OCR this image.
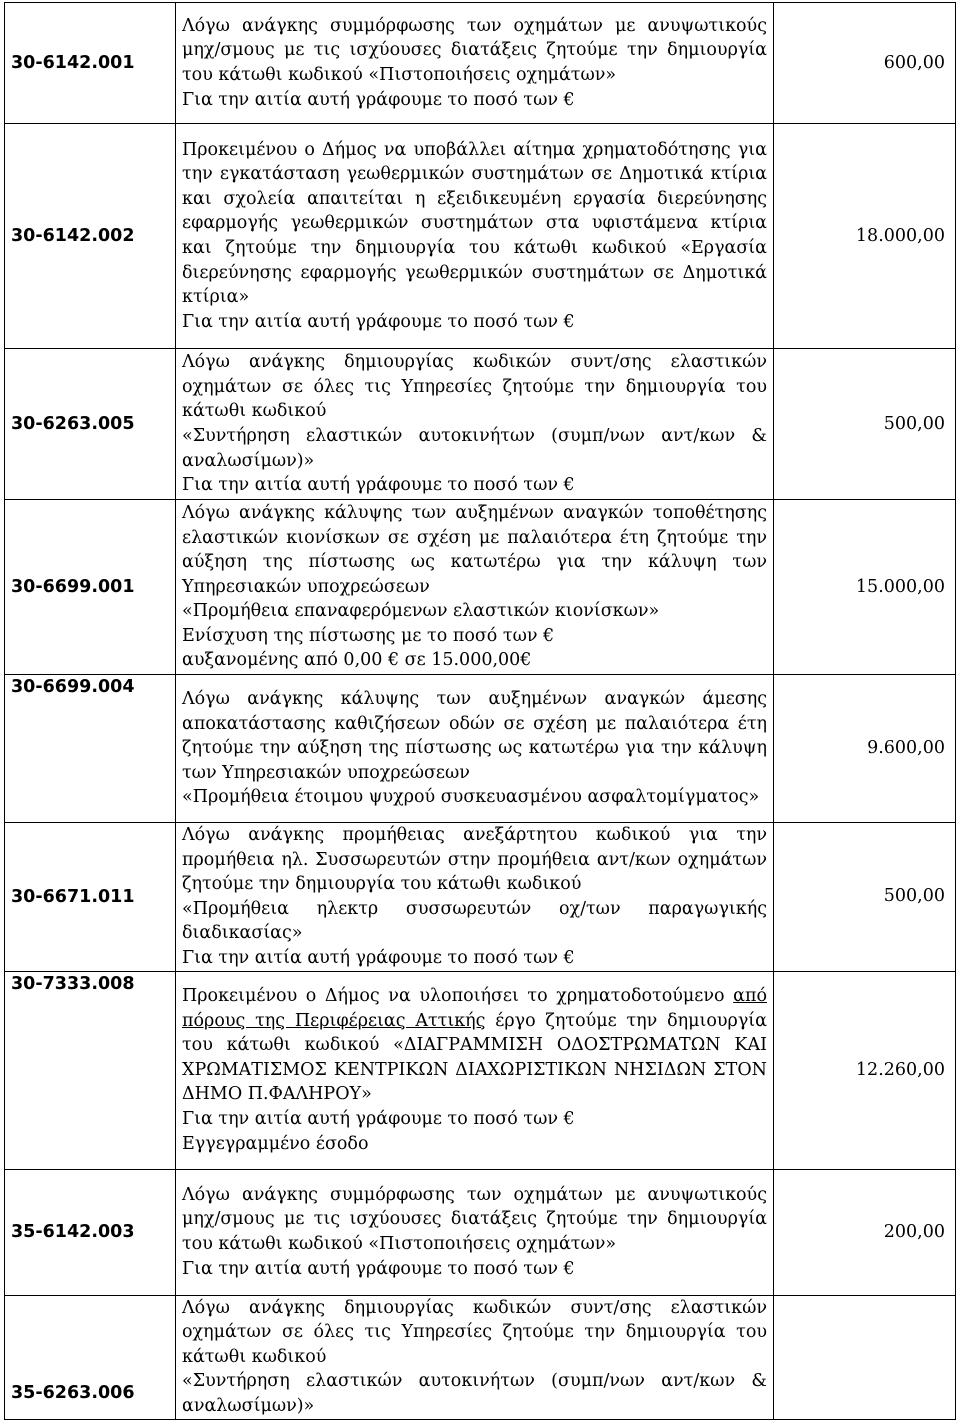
30-6142.001	Λόγω ανάγκης συμμόρφωσης των οχημάτων με ανυψωτικούς μηχ/σμους με τις ισχύουσες διατάξεις ζητούμε την δημιουργία του κάτωθι κωδικού «Πιστοποιήσεις οχημάτων»
Για την αιτία αυτή γράφουμε το ποσό των €	600,00
30-6142.002	Προκειμένου ο Δήμος να υποβάλλει αίτημα χρηματοδότησης για την εγκατάσταση γεωθερμικών συστημάτων σε Δημοτικά κτίρια και σχολεία απαιτείται η εξειδικευμένη εργασία διερεύνησης εφαρμογής γεωθερμικών συστημάτων στα υφιστάμενα κτίρια και ζητούμε την δημιουργία του κάτωθι κωδικού «Εργασία διερεύνησης εφαρμογής γεωθερμικών συστημάτων σε Δημοτικά κτίρια»
Για την αιτία αυτή γράφουμε το ποσό των €	18.000,00
30-6263.005	Λόγω ανάγκης δημιουργίας κωδικών συντ/σης ελαστικών οχημάτων σε όλες τις Υπηρεσίες ζητούμε την δημιουργία του κάτωθι κωδικού
«Συντήρηση ελαστικών αυτοκινήτων (συμπ/νων αντ/κων & αναλωσίμων)»
Για την αιτία αυτή γράφουμε το ποσό των €	500,00
30-6699.001	Λόγω ανάγκης κάλυψης των αυξημένων αναγκών τοποθέτησης ελαστικών κιονίσκων σε σχέση με παλαιότερα έτη ζητούμε την αύξηση της πίστωσης ως κατωτέρω για την κάλυψη των Υπηρεσιακών υποχρεώσεων
«Προμήθεια επαναφερόμενων ελαστικών κιονίσκων»
Ενίσχυση της πίστωσης με το ποσό των €
αυξανομένης από 0,00 € σε 15.000,00€	15.000,00
30-6699.004	Λόγω ανάγκης κάλυψης των αυξημένων αναγκών άμεσης αποκατάστασης καθιζήσεων οδών σε σχέση με παλαιότερα έτη ζητούμε την αύξηση της πίστωσης ως κατωτέρω για την κάλυψη των Υπηρεσιακών υποχρεώσεων
«Προμήθεια έτοιμου ψυχρού συσκευασμένου ασφαλτομίγματος»	9.600,00
30-6671.011	Λόγω ανάγκης προμήθειας ανεξάρτητου κωδικού για την προμήθεια ηλ. Συσσωρευτών στην προμήθεια αντ/κων οχημάτων ζητούμε την δημιουργία του κάτωθι κωδικού
«Προμήθεια ηλεκτρ συσσωρευτών οχ/των παραγωγικής διαδικασίας»
Για την αιτία αυτή γράφουμε το ποσό των €	500,00
30-7333.008	Προκειμένου ο Δήμος να υλοποιήσει το χρηματοδοτούμενο από πόρους της Περιφέρειας Αττικής έργο ζητούμε την δημιουργία του κάτωθι κωδικού «ΔΙΑΓΡΑΜΜΙΣΗ ΟΔΟΣΤΡΩΜΑΤΩΝ ΚΑΙ ΧΡΩΜΑΤΙΣΜΟΣ ΚΕΝΤΡΙΚΩΝ ΔΙΑΧΩΡΙΣΤΙΚΩΝ ΝΗΣΙΔΩΝ ΣΤΟΝ ΔΗΜΟ Π.ΦΑΛΗΡΟΥ»
Για την αιτία αυτή γράφουμε το ποσό των €
Εγγεγραμμένο έσοδο	12.260,00
35-6142.003	Λόγω ανάγκης συμμόρφωσης των οχημάτων με ανυψωτικούς μηχ/σμους με τις ισχύουσες διατάξεις ζητούμε την δημιουργία του κάτωθι κωδικού «Πιστοποιήσεις οχημάτων»
Για την αιτία αυτή γράφουμε το ποσό των €	200,00
35-6263.006	Λόγω ανάγκης δημιουργίας κωδικών συντ/σης ελαστικών οχημάτων σε όλες τις Υπηρεσίες ζητούμε την δημιουργία του κάτωθι κωδικού
«Συντήρηση ελαστικών αυτοκινήτων (συμπ/νων αντ/κων & αναλωσίμων)»	
